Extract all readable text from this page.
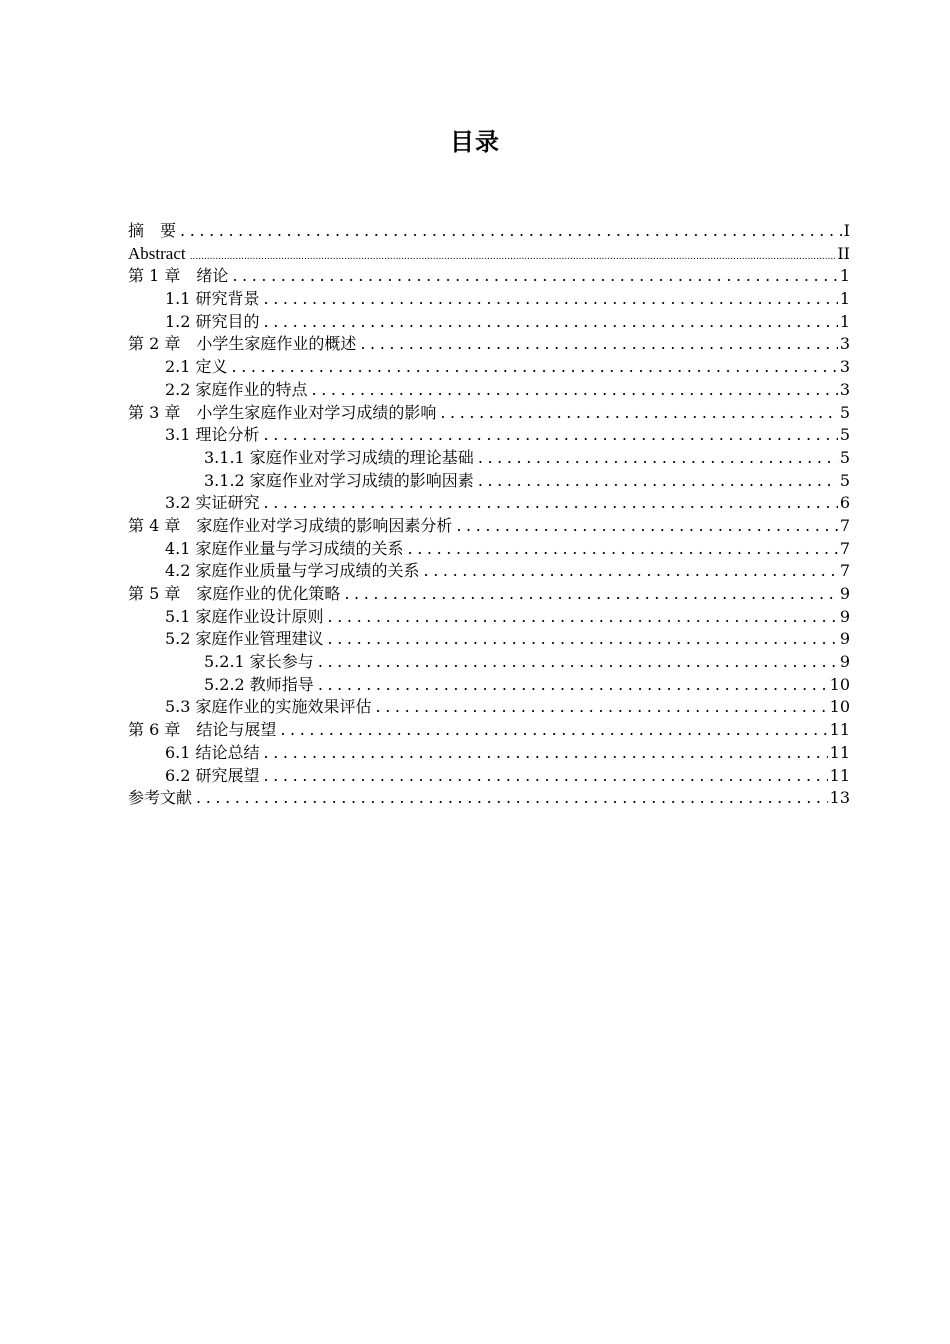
目录
摘　要 .....	I
Abstract .....	II
第 1 章　绪论 .....	1
1.1 研究背景 .....	1
1.2 研究目的 .....	1
第 2 章　小学生家庭作业的概述 .....	3
2.1 定义 .....	3
2.2 家庭作业的特点 .....	3
第 3 章　小学生家庭作业对学习成绩的影响 .....	5
3.1 理论分析 .....	5
3.1.1 家庭作业对学习成绩的理论基础 .....	5
3.1.2 家庭作业对学习成绩的影响因素 .....	5
3.2 实证研究 .....	6
第 4 章　家庭作业对学习成绩的影响因素分析 .....	7
4.1 家庭作业量与学习成绩的关系 .....	7
4.2 家庭作业质量与学习成绩的关系 .....	7
第 5 章　家庭作业的优化策略 .....	9
5.1 家庭作业设计原则 .....	9
5.2 家庭作业管理建议 .....	9
5.2.1 家长参与 .....	9
5.2.2 教师指导 .....	10
5.3 家庭作业的实施效果评估 .....	10
第 6 章　结论与展望 .....	11
6.1 结论总结 .....	11
6.2 研究展望 .....	11
参考文献 .....	13
